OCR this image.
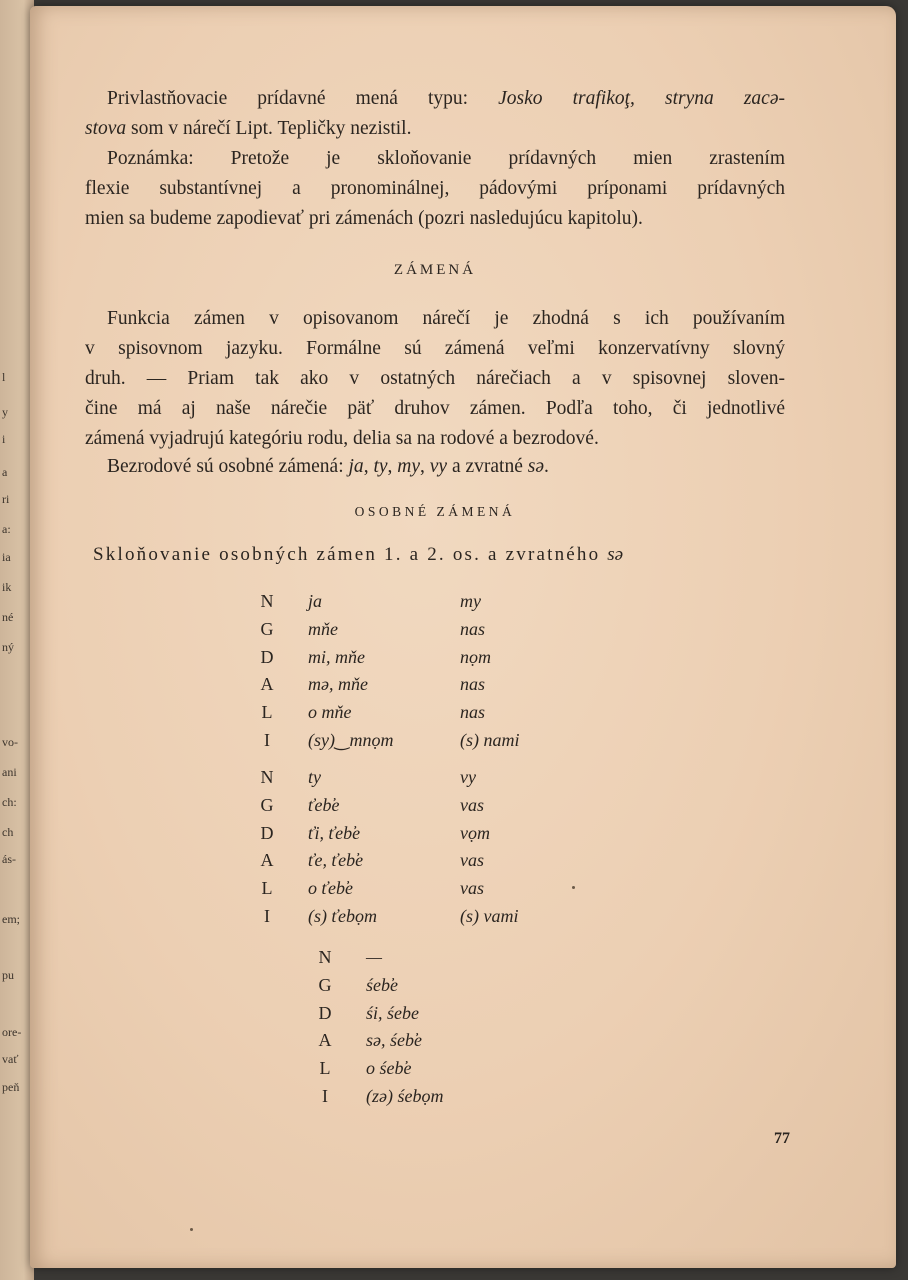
l
y
i
a
ri
a:
ia
ik
né
ný
vo-
ani
ch:
ch
ás-
em;
pu
ore-
vať
peň
Privlastňovacie prídavné mená typu: Josko trafikoţ, stryna zacə-
stova som v nárečí Lipt. Tepličky nezistil.
Poznámka: Pretože je skloňovanie prídavných mien zrastením
flexie substantívnej a pronominálnej, pádovými príponami prídavných
mien sa budeme zapodievať pri zámenách (pozri nasledujúcu kapitolu).
ZÁMENÁ
Funkcia zámen v opisovanom nárečí je zhodná s ich používaním
v spisovnom jazyku. Formálne sú zámená veľmi konzervatívny slovný
druh. — Priam tak ako v ostatných nárečiach a v spisovnej sloven-
čine má aj naše nárečie päť druhov zámen. Podľa toho, či jednotlivé
zámená vyjadrujú kategóriu rodu, delia sa na rodové a bezrodové.
Bezrodové sú osobné zámená: ja, ty, my, vy a zvratné sə.
OSOBNÉ ZÁMENÁ
Skloňovanie osobných zámen 1. a 2. os. a zvratného sə
N ja	my
G mňe	nas
D mi, mňe	nọm
A mə, mňe	nas
L	o mňe	nas
I	(sy)‿mnọm	(s) nami
N ty	vy
G ťeb̕e	vas
D ťi, ťeb̕e	vọm
A ťe, ťeb̕e	vas
L	o ťeb̕e	vas
I	(s) ťebọm	(s) vami
N —
G śeb̕e
D śi, śebe
A sə, śeb̕e
L	o śeb̕e
I	(zə) śebọm
77
